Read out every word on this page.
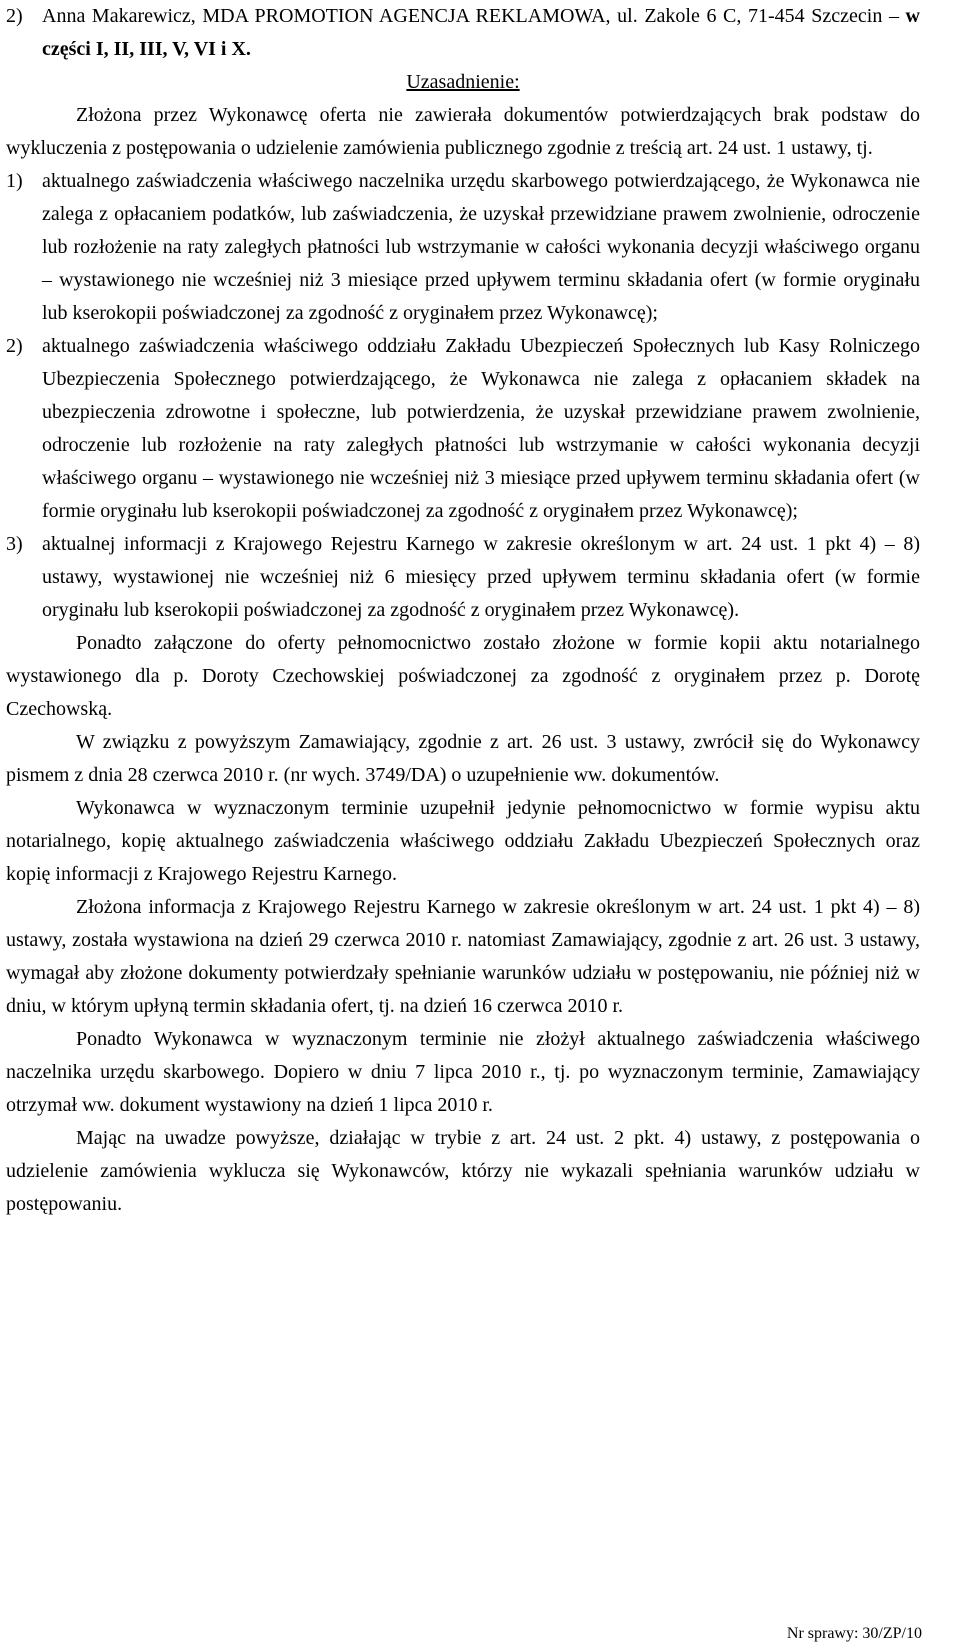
2) Anna Makarewicz, MDA PROMOTION AGENCJA REKLAMOWA, ul. Zakole 6 C, 71-454 Szczecin – w części I, II, III, V, VI i X.

Uzasadnienie:

Złożona przez Wykonawcę oferta nie zawierała dokumentów potwierdzających brak podstaw do wykluczenia z postępowania o udzielenie zamówienia publicznego zgodnie z treścią art. 24 ust. 1 ustawy, tj.

1) aktualnego zaświadczenia właściwego naczelnika urzędu skarbowego potwierdzającego, że Wykonawca nie zalega z opłacaniem podatków, lub zaświadczenia, że uzyskał przewidziane prawem zwolnienie, odroczenie lub rozłożenie na raty zaległych płatności lub wstrzymanie w całości wykonania decyzji właściwego organu – wystawionego nie wcześniej niż 3 miesiące przed upływem terminu składania ofert (w formie oryginału lub kserokopii poświadczonej za zgodność z oryginałem przez Wykonawcę);

2) aktualnego zaświadczenia właściwego oddziału Zakładu Ubezpieczeń Społecznych lub Kasy Rolniczego Ubezpieczenia Społecznego potwierdzającego, że Wykonawca nie zalega z opłacaniem składek na ubezpieczenia zdrowotne i społeczne, lub potwierdzenia, że uzyskał przewidziane prawem zwolnienie, odroczenie lub rozłożenie na raty zaległych płatności lub wstrzymanie w całości wykonania decyzji właściwego organu – wystawionego nie wcześniej niż 3 miesiące przed upływem terminu składania ofert (w formie oryginału lub kserokopii poświadczonej za zgodność z oryginałem przez Wykonawcę);

3) aktualnej informacji z Krajowego Rejestru Karnego w zakresie określonym w art. 24 ust. 1 pkt 4) – 8) ustawy, wystawionej nie wcześniej niż 6 miesięcy przed upływem terminu składania ofert (w formie oryginału lub kserokopii poświadczonej za zgodność z oryginałem przez Wykonawcę).

Ponadto załączone do oferty pełnomocnictwo zostało złożone w formie kopii aktu notarialnego wystawionego dla p. Doroty Czechowskiej poświadczonej za zgodność z oryginałem przez p. Dorotę Czechowską.

W związku z powyższym Zamawiający, zgodnie z art. 26 ust. 3 ustawy, zwrócił się do Wykonawcy pismem z dnia 28 czerwca 2010 r. (nr wych. 3749/DA) o uzupełnienie ww. dokumentów.

Wykonawca w wyznaczonym terminie uzupełnił jedynie pełnomocnictwo w formie wypisu aktu notarialnego, kopię aktualnego zaświadczenia właściwego oddziału Zakładu Ubezpieczeń Społecznych oraz kopię informacji z Krajowego Rejestru Karnego.

Złożona informacja z Krajowego Rejestru Karnego w zakresie określonym w art. 24 ust. 1 pkt 4) – 8) ustawy, została wystawiona na dzień 29 czerwca 2010 r. natomiast Zamawiający, zgodnie z art. 26 ust. 3 ustawy, wymagał aby złożone dokumenty potwierdzały spełnianie warunków udziału w postępowaniu, nie później niż w dniu, w którym upłyną termin składania ofert, tj. na dzień 16 czerwca 2010 r.

Ponadto Wykonawca w wyznaczonym terminie nie złożył aktualnego zaświadczenia właściwego naczelnika urzędu skarbowego. Dopiero w dniu 7 lipca 2010 r., tj. po wyznaczonym terminie, Zamawiający otrzymał ww. dokument wystawiony na dzień 1 lipca 2010 r.

Mając na uwadze powyższe, działając w trybie z art. 24 ust. 2 pkt. 4) ustawy, z postępowania o udzielenie zamówienia wyklucza się Wykonawców, którzy nie wykazali spełniania warunków udziału w postępowaniu.

Nr sprawy: 30/ZP/10
